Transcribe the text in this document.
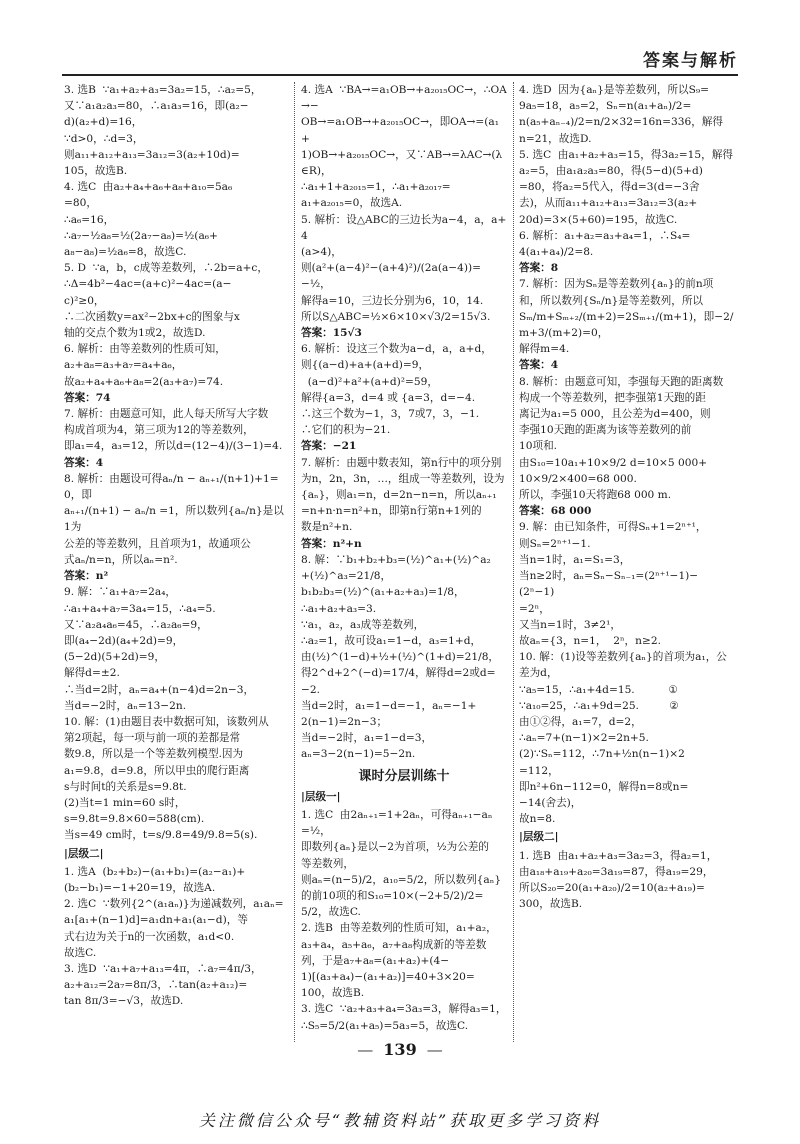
答案与解析
3. 选B  ∵a₁+a₂+a₃=3a₂=15，∴a₂=5，
又∵a₁a₂a₃=80，∴a₁a₃=16，即(a₂−
d)(a₂+d)=16，
∵d>0，∴d=3，
则a₁₁+a₁₂+a₁₃=3a₁₂=3(a₂+10d)=
105，故选B.
4. 选C  由a₂+a₄+a₆+a₈+a₁₀=5a₆
=80，
∴a₆=16，
∴a₇−½a₈=½(2a₇−a₈)=½(a₆+
a₈−a₈)=½a₆=8，故选C.
5. D  ∵a，b，c成等差数列，∴2b=a+c，
∴Δ=4b²−4ac=(a+c)²−4ac=(a−
c)²≥0，
∴二次函数y=ax²−2bx+c的图象与x
轴的交点个数为1或2，故选D.
6. 解析：由等差数列的性质可知，
a₂+a₈=a₃+a₇=a₄+a₆，
故a₂+a₄+a₆+a₈=2(a₃+a₇)=74.
答案：74
7. 解析：由题意可知，此人每天所写大字数
构成首项为4，第三项为12的等差数列，
即a₁=4，a₃=12，所以d=(12−4)/(3−1)=4.
答案：4
8. 解析：由题设可得aₙ/n − aₙ₊₁/(n+1)+1=0，即
aₙ₊₁/(n+1) − aₙ/n =1，所以数列{aₙ/n}是以1为
公差的等差数列，且首项为1，故通项公
式aₙ/n=n，所以aₙ=n².
答案：n²
9. 解：∵a₁+a₇=2a₄，
∴a₁+a₄+a₇=3a₄=15，∴a₄=5.
又∵a₂a₄a₆=45，∴a₂a₆=9，
即(a₄−2d)(a₄+2d)=9，
(5−2d)(5+2d)=9，
解得d=±2.
∴当d=2时，aₙ=a₄+(n−4)d=2n−3，
当d=−2时，aₙ=13−2n.
10. 解：(1)由题目表中数据可知，该数列从
第2项起，每一项与前一项的差都是常
数9.8，所以是一个等差数列模型.因为
a₁=9.8，d=9.8，所以甲虫的爬行距离
s与时间t的关系是s=9.8t.
(2)当t=1 min=60 s时，
s=9.8t=9.8×60=588(cm).
当s=49 cm时，t=s/9.8=49/9.8=5(s).
|层级二|
1. 选A  (b₂+b₂)−(a₁+b₁)=(a₂−a₁)+
(b₂−b₁)=−1+20=19，故选A.
2. 选C  ∵数列{2^(a₁aₙ)}为递减数列，a₁aₙ=
a₁[a₁+(n−1)d]=a₁dn+a₁(a₁−d)，等
式右边为关于n的一次函数，a₁d<0.
故选C.
3. 选D  ∵a₁+a₇+a₁₃=4π，∴a₇=4π/3，
a₂+a₁₂=2a₇=8π/3，∴tan(a₂+a₁₂)=
tan 8π/3=−√3，故选D.
4. 选A  ∵BA→=a₁OB→+a₂₀₁₅OC→，∴OA→−
OB→=a₁OB→+a₂₀₁₅OC→，即OA→=(a₁+
1)OB→+a₂₀₁₅OC→，又∵AB→=λAC→(λ∈R)，
∴a₁+1+a₂₀₁₅=1，∴a₁+a₂₀₁₇=
a₁+a₂₀₁₅=0，故选A.
5. 解析：设△ABC的三边长为a−4，a，a+4
(a>4)，
则(a²+(a−4)²−(a+4)²)/(2a(a−4))=−½，
解得a=10，三边长分别为6，10，14.
所以S△ABC=½×6×10×√3/2=15√3.
答案：15√3
6. 解析：设这三个数为a−d，a，a+d，
则{(a−d)+a+(a+d)=9，
(a−d)²+a²+(a+d)²=59，
解得{a=3，d=4 或 {a=3，d=−4.
∴这三个数为−1，3，7或7，3，−1.
∴它们的积为−21.
答案：−21
7. 解析：由题中数表知，第n行中的项分别
为n，2n，3n，…，组成一等差数列，设为
{aₙ}，则a₁=n，d=2n−n=n，所以aₙ₊₁
=n+n·n=n²+n，即第n行第n+1列的
数是n²+n.
答案：n²+n
8. 解：∵b₁+b₂+b₃=(½)^a₁+(½)^a₂
+(½)^a₃=21/8，
b₁b₂b₃=(½)^(a₁+a₂+a₃)=1/8，
∴a₁+a₂+a₃=3.
∵a₁，a₂，a₃成等差数列，
∴a₂=1，故可设a₁=1−d，a₃=1+d，
由(½)^(1−d)+½+(½)^(1+d)=21/8，
得2^d+2^(−d)=17/4，解得d=2或d=−2.
当d=2时，a₁=1−d=−1，aₙ=−1+
2(n−1)=2n−3；
当d=−2时，a₁=1−d=3，
aₙ=3−2(n−1)=5−2n.
课时分层训练十
|层级一|
1. 选C  由2aₙ₊₁=1+2aₙ，可得aₙ₊₁−aₙ
=½，
即数列{aₙ}是以−2为首项，½为公差的
等差数列，
则aₙ=(n−5)/2，a₁₀=5/2，所以数列{aₙ}
的前10项的和S₁₀=10×(−2+5/2)/2=
5/2，故选C.
2. 选B  由等差数列的性质可知，a₁+a₂，
a₃+a₄，a₅+a₆，a₇+a₈构成新的等差数
列，于是a₇+a₈=(a₁+a₂)+(4−
1)[(a₃+a₄)−(a₁+a₂)]=40+3×20=
100，故选B.
3. 选C  ∵a₂+a₃+a₄=3a₃=3，解得a₃=1，
∴S₅=5/2(a₁+a₅)=5a₃=5，故选C.
4. 选D  因为{aₙ}是等差数列，所以S₉=
9a₅=18，a₅=2，Sₙ=n(a₁+aₙ)/2=
n(a₅+aₙ₋₄)/2=n/2×32=16n=336，解得
n=21，故选D.
5. 选C  由a₁+a₂+a₃=15，得3a₂=15，解得
a₂=5，由a₁a₂a₃=80，得(5−d)(5+d)
=80，将a₂=5代入，得d=3(d=−3舍
去)，从而a₁₁+a₁₂+a₁₃=3a₁₂=3(a₂+
20d)=3×(5+60)=195，故选C.
6. 解析：a₁+a₂=a₃+a₄=1，∴S₄=
4(a₁+a₄)/2=8.
答案：8
7. 解析：因为Sₙ是等差数列{aₙ}的前n项
和，所以数列{Sₙ/n}是等差数列，所以
Sₘ/m+Sₘ₊₂/(m+2)=2Sₘ₊₁/(m+1)，即−2/m+3/(m+2)=0，
解得m=4.
答案：4
8. 解析：由题意可知，李强每天跑的距离数
构成一个等差数列，把李强第1天跑的距
离记为a₁=5 000，且公差为d=400，则
李强10天跑的距离为该等差数列的前
10项和.
由S₁₀=10a₁+10×9/2 d=10×5 000+
10×9/2×400=68 000.
所以，李强10天将跑68 000 m.
答案：68 000
9. 解：由已知条件，可得Sₙ+1=2ⁿ⁺¹，
则Sₙ=2ⁿ⁺¹−1.
当n=1时，a₁=S₁=3，
当n≥2时，aₙ=Sₙ−Sₙ₋₁=(2ⁿ⁺¹−1)−
(2ⁿ−1)
=2ⁿ，
又当n=1时，3≠2¹，
故aₙ={3，n=1，  2ⁿ，n≥2.
10. 解：(1)设等差数列{aₙ}的首项为a₁，公
差为d，
∵a₅=15，∴a₁+4d=15.          ①
∵a₁₀=25，∴a₁+9d=25.         ②
由①②得，a₁=7，d=2，
∴aₙ=7+(n−1)×2=2n+5.
(2)∵Sₙ=112，∴7n+½n(n−1)×2
=112，
即n²+6n−112=0，解得n=8或n=
−14(舍去)，
故n=8.
|层级二|
1. 选B  由a₁+a₂+a₃=3a₂=3，得a₂=1，
由a₁₈+a₁₉+a₂₀=3a₁₉=87，得a₁₉=29，
所以S₂₀=20(a₁+a₂₀)/2=10(a₂+a₁₉)=
300，故选B.
— 139 —
关注微信公众号“教辅资料站”获取更多学习资料
